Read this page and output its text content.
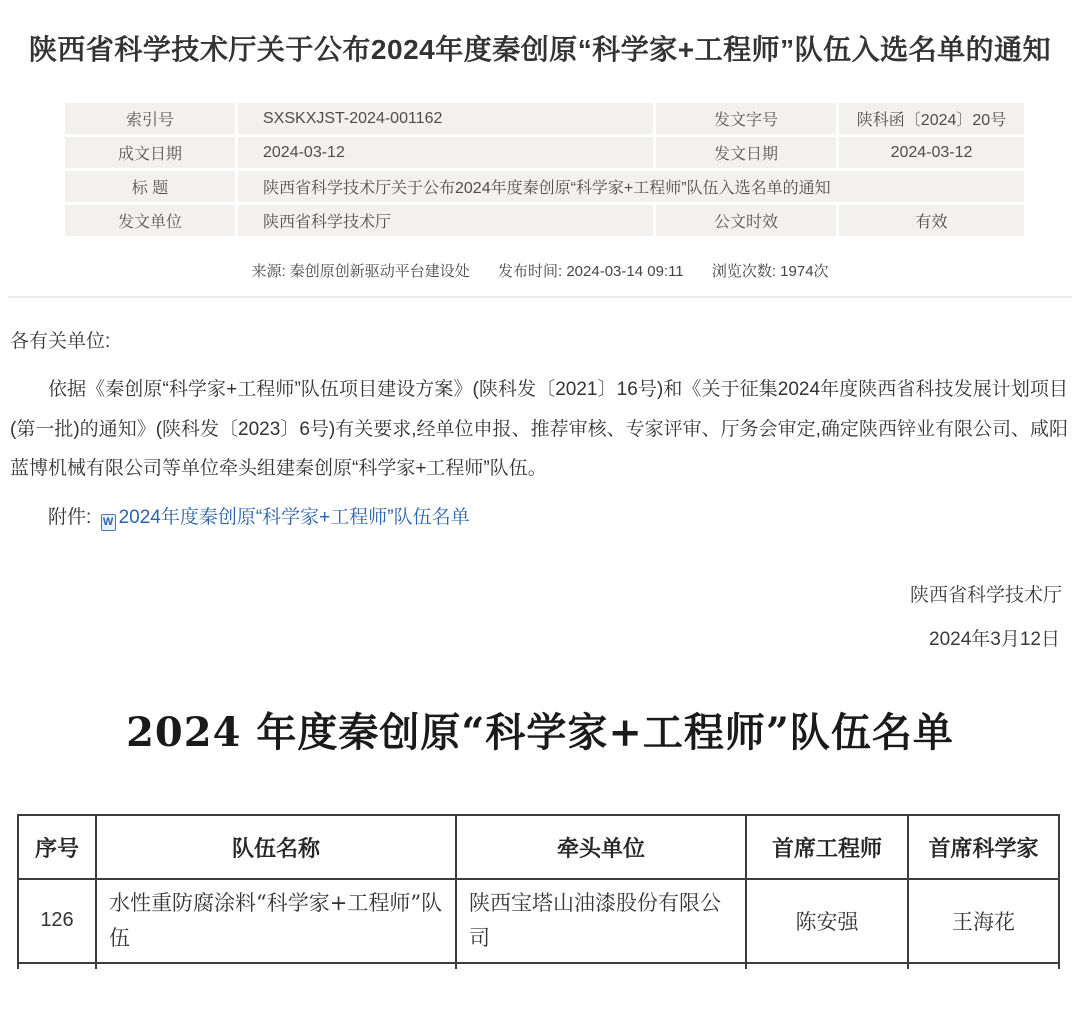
陕西省科学技术厅关于公布2024年度秦创原“科学家+工程师”队伍入选名单的通知
索引号	SXSKXJST-2024-001162	发文字号	陕科函〔2024〕20号
成文日期	2024-03-12	发文日期	2024-03-12
标 题	陕西省科学技术厅关于公布2024年度秦创原“科学家+工程师”队伍入选名单的通知		
发文单位	陕西省科学技术厅	公文时效	有效
来源: 秦创原创新驱动平台建设处 发布时间: 2024-03-14 09:11 浏览次数: 1974次

各有关单位:

依据《秦创原“科学家+工程师”队伍项目建设方案》(陕科发〔2021〕16号)和《关于征集2024年度陕西省科技发展计划项目(第一批)的通知》(陕科发〔2023〕6号)有关要求,经单位申报、推荐审核、专家评审、厅务会审定,确定陕西锌业有限公司、咸阳蓝博机械有限公司等单位牵头组建秦创原“科学家+工程师”队伍。

附件: W 2024年度秦创原“科学家+工程师”队伍名单

陕西省科学技术厅
2024年3月12日
2024 年度秦创原“科学家+工程师”队伍名单
序号	队伍名称	牵头单位	首席工程师	首席科学家
126	水性重防腐涂料“科学家+工程师”队伍	陕西宝塔山油漆股份有限公司	陈安强	王海花
